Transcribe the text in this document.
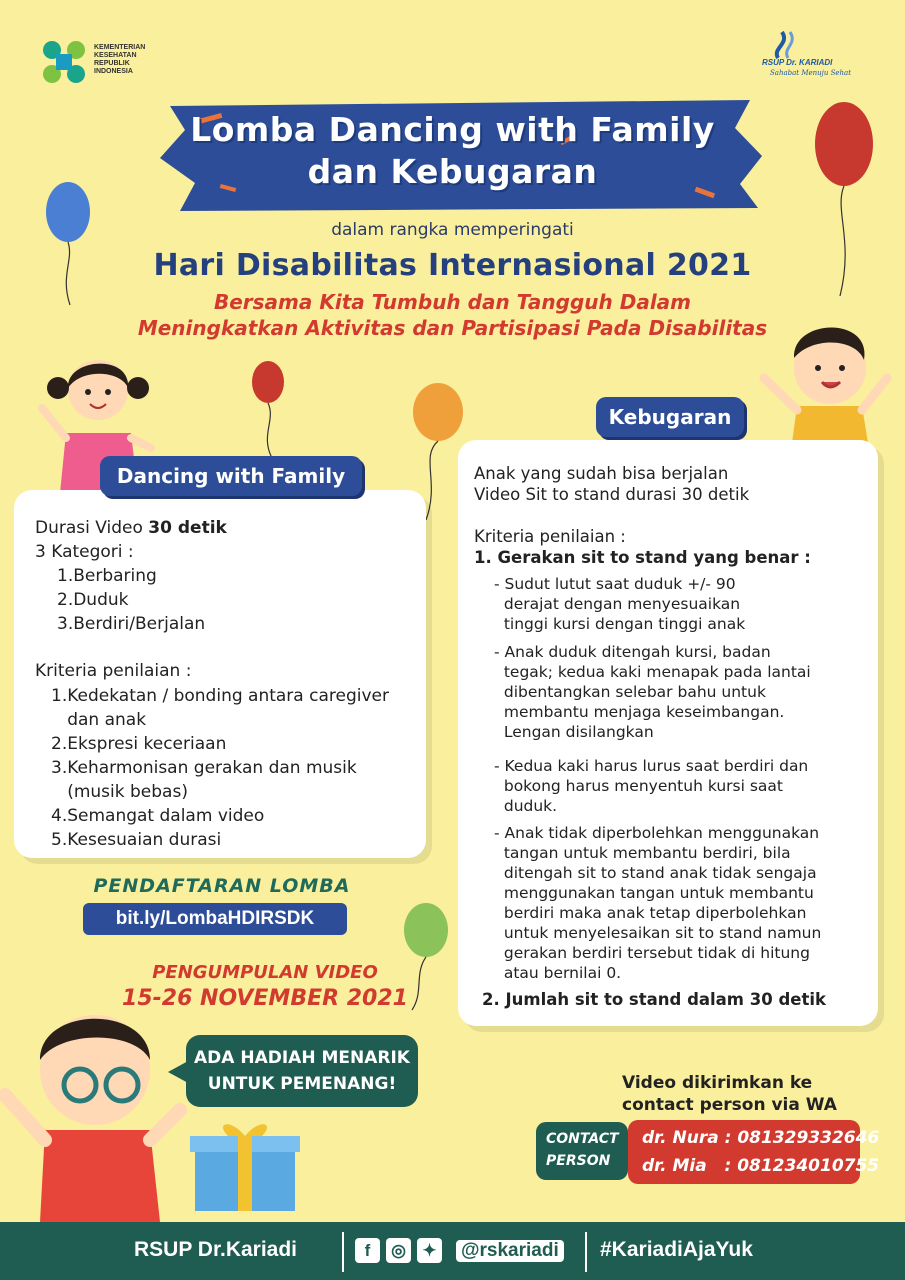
KEMENTERIAN
KESEHATAN
REPUBLIK
INDONESIA
RSUP Dr. KARIADI
Sahabat Menuju Sehat
Lomba Dancing with Family
dan Kebugaran
dalam rangka memperingati
Hari Disabilitas Internasional 2021
Bersama Kita Tumbuh dan Tangguh Dalam
Meningkatkan Aktivitas dan Partisipasi Pada Disabilitas
Dancing with Family
Durasi Video 30 detik
3 Kategori :
1.Berbaring
2.Duduk
3.Berdiri/Berjalan
Kriteria penilaian :
1.Kedekatan / bonding antara caregiver
dan anak
2.Ekspresi keceriaan
3.Keharmonisan gerakan dan musik
(musik bebas)
4.Semangat dalam video
5.Kesesuaian durasi
Kebugaran
Anak yang sudah bisa berjalan
Video Sit to stand durasi 30 detik
Kriteria penilaian :
1. Gerakan sit to stand yang benar :
- Sudut lutut saat duduk +/- 90
derajat dengan menyesuaikan
tinggi kursi dengan tinggi anak
- Anak duduk ditengah kursi, badan
tegak; kedua kaki menapak pada lantai
dibentangkan selebar bahu untuk
membantu menjaga keseimbangan.
Lengan disilangkan
- Kedua kaki harus lurus saat berdiri dan
bokong harus menyentuh kursi saat
duduk.
- Anak tidak diperbolehkan menggunakan
tangan untuk membantu berdiri, bila
ditengah sit to stand anak tidak sengaja
menggunakan tangan untuk membantu
berdiri maka anak tetap diperbolehkan
untuk menyelesaikan sit to stand namun
gerakan berdiri tersebut tidak di hitung
atau bernilai 0.
2. Jumlah sit to stand dalam 30 detik
PENDAFTARAN LOMBA
bit.ly/LombaHDIRSDK
PENGUMPULAN VIDEO
15-26 NOVEMBER 2021
ADA HADIAH MENARIK
UNTUK PEMENANG!	Video dikirimkan ke
contact person via WA
CONTACT
PERSON
dr. Nura : 081329332646
dr. Mia   : 081234010755
RSUP Dr.Kariadi	f	◎ ✦ @rskariadi #KariadiAjaYuk
